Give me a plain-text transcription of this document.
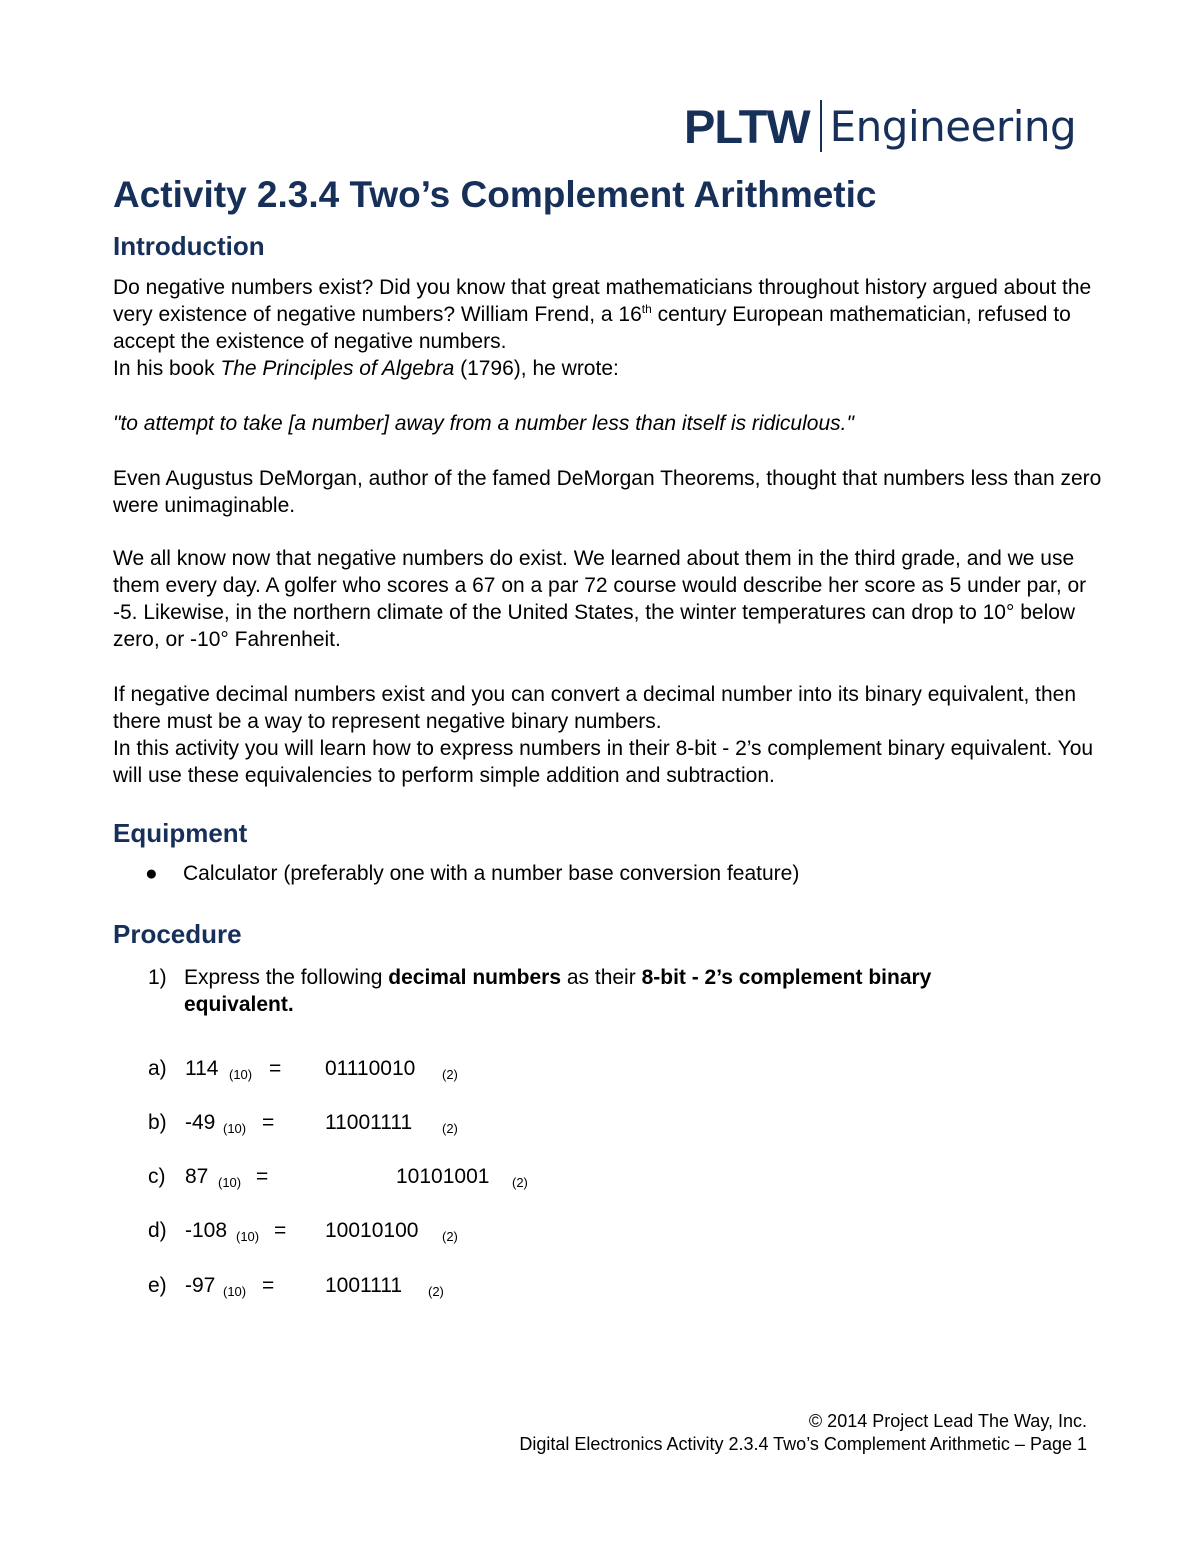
PLTW Engineering
Activity 2.3.4 Two’s Complement Arithmetic
Introduction

Do negative numbers exist? Did you know that great mathematicians throughout history argued about the very existence of negative numbers? William Frend, a 16th century European mathematician, refused to accept the existence of negative numbers.
In his book The Principles of Algebra (1796), he wrote:

"to attempt to take [a number] away from a number less than itself is ridiculous."

Even Augustus DeMorgan, author of the famed DeMorgan Theorems, thought that numbers less than zero were unimaginable.

We all know now that negative numbers do exist. We learned about them in the third grade, and we use them every day. A golfer who scores a 67 on a par 72 course would describe her score as 5 under par, or -5. Likewise, in the northern climate of the United States, the winter temperatures can drop to 10° below zero, or -10° Fahrenheit.

If negative decimal numbers exist and you can convert a decimal number into its binary equivalent, then there must be a way to represent negative binary numbers.

In this activity you will learn how to express numbers in their 8-bit - 2’s complement binary equivalent. You will use these equivalencies to perform simple addition and subtraction.

Equipment
●	Calculator (preferably one with a number base conversion feature)
Procedure
1) Express the following decimal numbers as their 8-bit - 2’s complement binary equivalent.
a) 114 (10) = 01110010 (2)
b) -49 (10) = 11001111 (2)
c) 87 (10) =	10101001 (2)
d) -108 (10) = 10010100 (2)
e) -97 (10) = 1001111 (2)
© 2014 Project Lead The Way, Inc.
Digital Electronics Activity 2.3.4 Two’s Complement Arithmetic – Page 1
